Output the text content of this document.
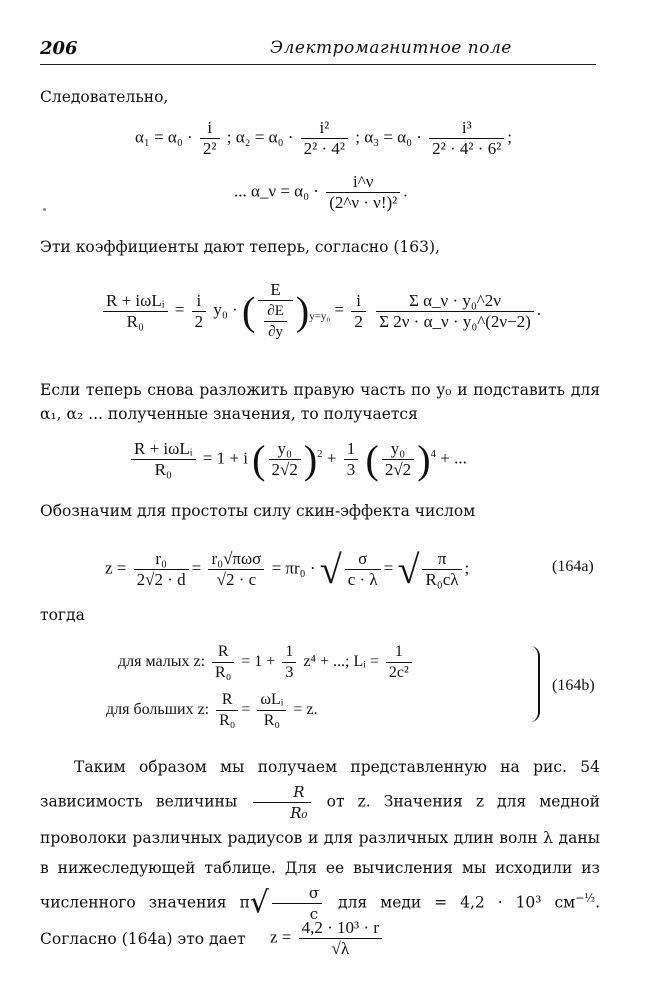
206	Электромагнитное поле
Следовательно,
$\alpha_1 = \alpha_0 \cdot \frac{i}{\text{2²}}$ ; $\alpha_2 = \alpha_0 \cdot \frac{\text{i²}}{\text{2² · 4²}}$ ; $\alpha_3 = \alpha_0 \cdot \frac{\text{i³}}{\text{2² · 4² · 6²}}$ ;
... α_ν = $\alpha_0 \cdot \frac{i\^{}\nu}{\text{(2\textasciicircum{}ν · ν!)²}}$ .
Эти коэффициенты дают теперь, согласно (163),
$\frac{\text{R + iωLᵢ}}{\text{R₀}} = \frac{i}{2} y_0$ · ( $\frac{E}{\frac{\partial E}{\partial y}} )_{y=y_0} = \frac{i}{2}$
$\frac{\text{Σ α\_ν · y₀\textasciicircum{}2ν}}{\text{Σ 2ν · α\_ν · y₀\textasciicircum{}(2ν−2)}}$ .
Если теперь снова разложить правую часть по y₀ и подставить для α₁, α₂ ... полученные значения, то получается
$\frac{\text{R + iωLᵢ}}{\text{R₀}} = 1 + i$ ( $\frac{\text{y₀}}{2√2} )^2 + \frac{1}{3}$ ( $\frac{\text{y₀}}{2√2} )^4$ + ...
Обозначим для простоты силу скин-эффекта числом
$z = \frac{\text{r₀}}{2√2 \cdot d} = \frac{\text{r₀√πωσ}}{√2 \cdot c} = \pi r_0$ · √ $\frac{\sigma}{c \cdot \lambda}$ = √ $\frac{\pi}{\text{R₀cλ}}$ ;	(164a)
тогда
для малых z: $\frac{R}{\text{R₀}} = 1 + \frac{1}{3} z^4$ + ...; Lᵢ = $\frac{1}{\text{2c²}}$
для больших z: $\frac{R}{\text{R₀}} = \frac{\text{ωLᵢ}}{\text{R₀}} = z$.
(164b)
Таким образом мы получаем представленную на рис. 54 зависимость величины $\frac{R}{\text{R₀}}$ от z. Значения z для медной проволоки различных радиусов и для различных длин волн λ даны в нижеследующей таблице. Для ее вычисления мы исходили из численного значения $\pi√ \frac{\sigma}{c}$ для меди = 4,2 · 10³ $см^{-\frac{1}{2}}$. Согласно (164a) это дает	$z = \frac{\text{4,2 · 10³ · r}}{√\lambda}$
